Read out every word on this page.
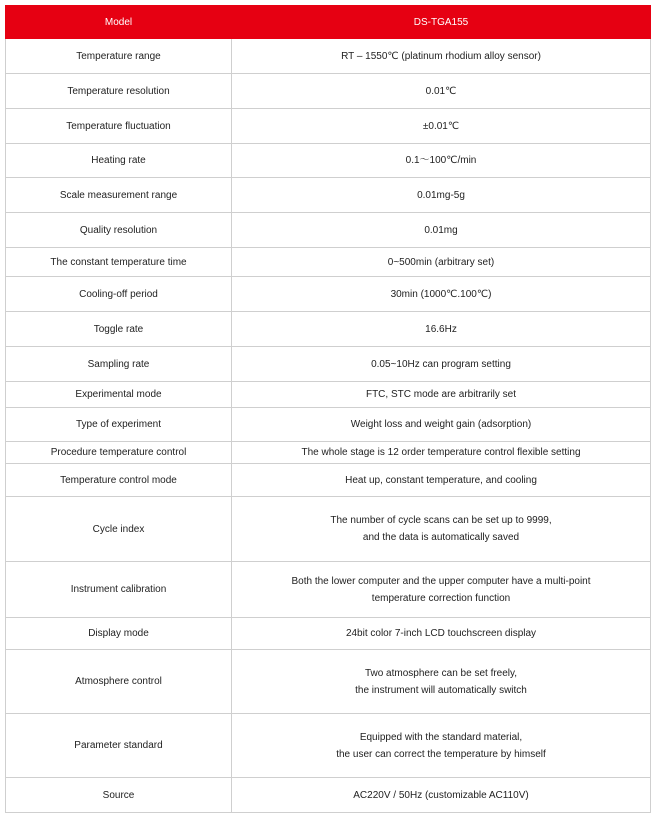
Model	DS-TGA155
Temperature range	RT – 1550℃ (platinum rhodium alloy sensor)

Temperature resolution	0.01℃

Temperature fluctuation	±0.01℃

Heating rate	0.1～100℃/min

Scale measurement range	0.01mg-5g

Quality resolution	0.01mg

The constant temperature time	0~500min (arbitrary set)

Cooling-off period	30min (1000℃.100℃)

Toggle rate	16.6Hz

Sampling rate	0.05~10Hz can program setting

Experimental mode	FTC, STC mode are arbitrarily set

Type of experiment	Weight loss and weight gain (adsorption)

Procedure temperature control	The whole stage is 12 order temperature control flexible setting

Temperature control mode	Heat up, constant temperature, and cooling

Cycle index	The number of cycle scans can be set up to 9999,
and the data is automatically saved

Instrument calibration	Both the lower computer and the upper computer have a multi-point
temperature correction function

Display mode	24bit color 7-inch LCD touchscreen display

Atmosphere control	Two atmosphere can be set freely,
the instrument will automatically switch

Parameter standard	Equipped with the standard material,
the user can correct the temperature by himself

Source	AC220V / 50Hz (customizable AC110V)
